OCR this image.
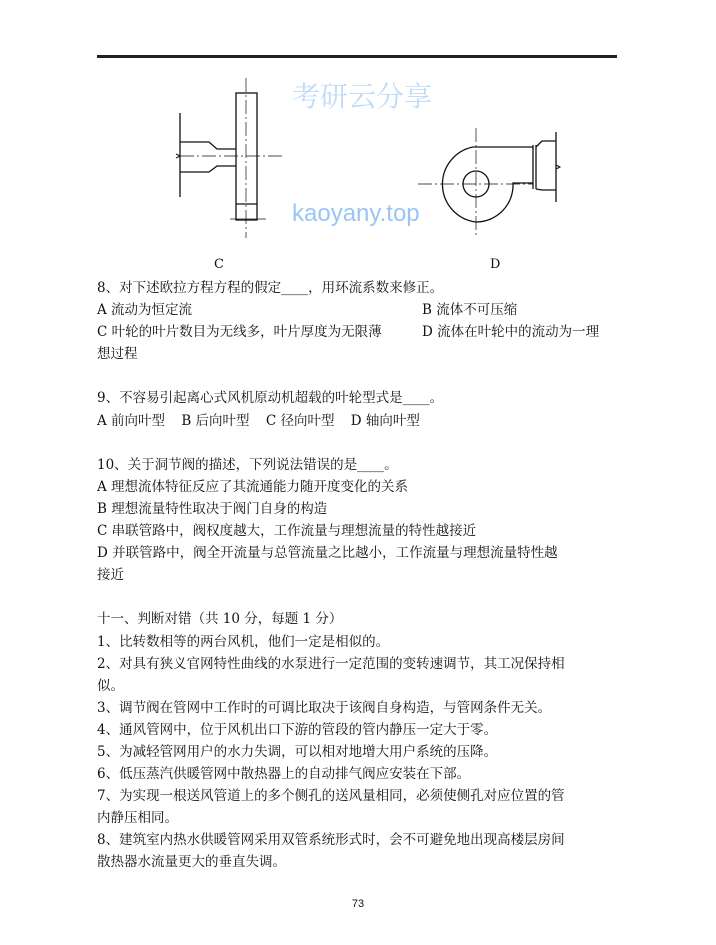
C	D
8、对下述欧拉方程方程的假定____，用环流系数来修正。
A 流动为恒定流	B 流体不可压缩
C 叶轮的叶片数目为无线多，叶片厚度为无限薄	D 流体在叶轮中的流动为一理
想过程
9、不容易引起离心式风机原动机超载的叶轮型式是____。
A 前向叶型 B 后向叶型 C 径向叶型 D 轴向叶型
10、关于洞节阀的描述，下列说法错误的是____。
A 理想流体特征反应了其流通能力随开度变化的关系
B 理想流量特性取决于阀门自身的构造
C 串联管路中，阀权度越大，工作流量与理想流量的特性越接近
D 并联管路中，阀全开流量与总管流量之比越小，工作流量与理想流量特性越
接近
十一、判断对错（共 10 分，每题 1 分）
1、比转数相等的两台风机，他们一定是相似的。
2、对具有狭义官网特性曲线的水泵进行一定范围的变转速调节，其工况保持相
似。
3、调节阀在管网中工作时的可调比取决于该阀自身构造，与管网条件无关。
4、通风管网中，位于风机出口下游的管段的管内静压一定大于零。
5、为减轻管网用户的水力失调，可以相对地增大用户系统的压降。
6、低压蒸汽供暖管网中散热器上的自动排气阀应安装在下部。
7、为实现一根送风管道上的多个侧孔的送风量相同，必须使侧孔对应位置的管
内静压相同。
8、建筑室内热水供暖管网采用双管系统形式时，会不可避免地出现高楼层房间
散热器水流量更大的垂直失调。
考研云分享
kaoyany.top
73
